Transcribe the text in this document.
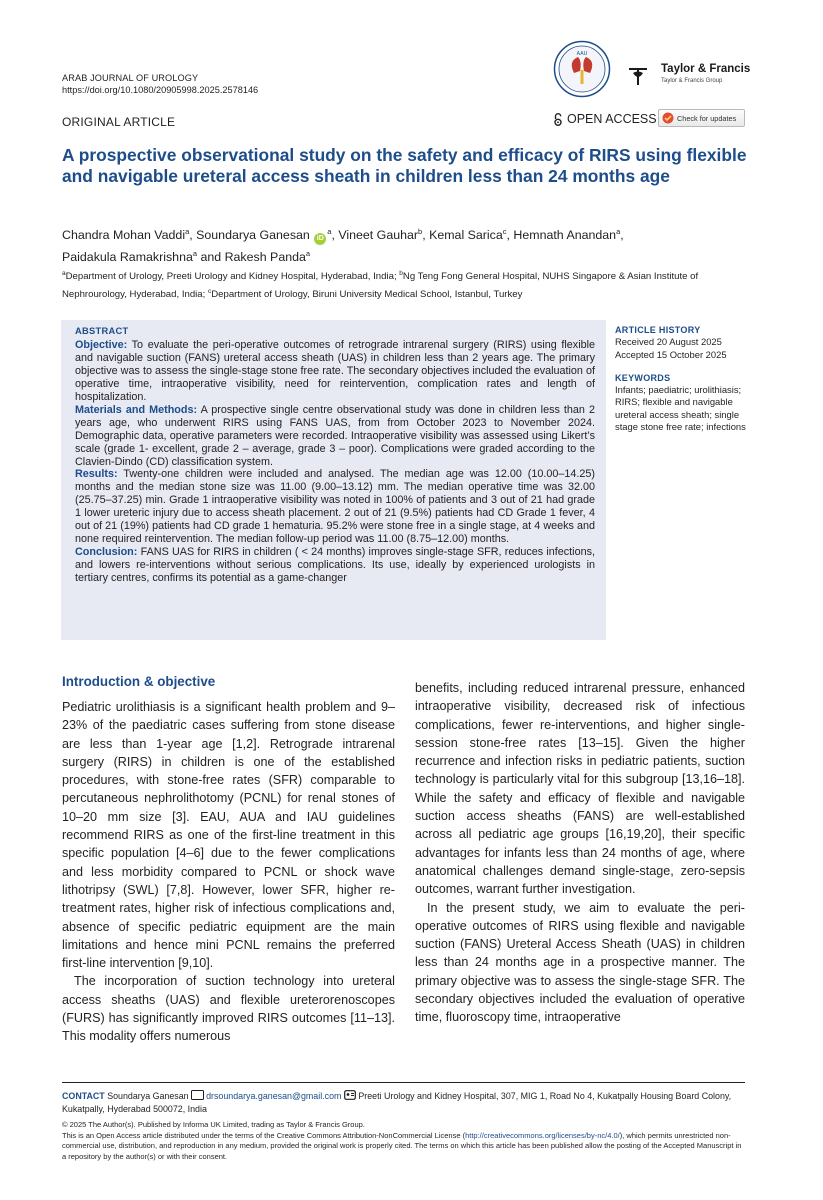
ARAB JOURNAL OF UROLOGY
https://doi.org/10.1080/20905998.2025.2578146
AAU
Taylor & Francis
Taylor & Francis Group
ORIGINAL ARTICLE	OPEN ACCESS	Check for updates
A prospective observational study on the safety and efficacy of RIRS using flexible and navigable ureteral access sheath in children less than 24 months age
Chandra Mohan Vaddi$^a$, Soundarya Ganesan $iD^a$, Vineet Gauhar$^b$, Kemal Sarica$^c$, Hemnath Anandan$^a$,
Paidakula Ramakrishna$^a$ and Rakesh Panda$^a$
$^a$Department of Urology, Preeti Urology and Kidney Hospital, Hyderabad, India; $^b$Ng Teng Fong General Hospital, NUHS Singapore & Asian Institute of Nephrourology, Hyderabad, India; $^c$Department of Urology, Biruni University Medical School, Istanbul, Turkey
ABSTRACT

Objective: To evaluate the peri-operative outcomes of retrograde intrarenal surgery (RIRS) using flexible and navigable suction (FANS) ureteral access sheath (UAS) in children less than 2 years age. The primary objective was to assess the single-stage stone free rate. The secondary objectives included the evaluation of operative time, intraoperative visibility, need for reintervention, complication rates and length of hospitalization.

Materials and Methods: A prospective single centre observational study was done in children less than 2 years age, who underwent RIRS using FANS UAS, from from October 2023 to November 2024. Demographic data, operative parameters were recorded. Intraoperative visibility was assessed using Likert’s scale (grade 1- excellent, grade 2 – average, grade 3 – poor). Complications were graded according to the Clavien-Dindo (CD) classification system.

Results: Twenty-one children were included and analysed. The median age was 12.00 (10.00–14.25) months and the median stone size was 11.00 (9.00–13.12) mm. The median operative time was 32.00 (25.75–37.25) min. Grade 1 intraoperative visibility was noted in 100% of patients and 3 out of 21 had grade 1 lower ureteric injury due to access sheath placement. 2 out of 21 (9.5%) patients had CD Grade 1 fever, 4 out of 21 (19%) patients had CD grade 1 hematuria. 95.2% were stone free in a single stage, at 4 weeks and none required reintervention. The median follow-up period was 11.00 (8.75–12.00) months.

Conclusion: FANS UAS for RIRS in children ( < 24 months) improves single-stage SFR, reduces infections, and lowers re-interventions without serious complications. Its use, ideally by experienced urologists in tertiary centres, confirms its potential as a game-changer

ARTICLE HISTORY
Received 20 August 2025
Accepted 15 October 2025
KEYWORDS
Infants; paediatric; urolithiasis; RIRS; flexible and navigable ureteral access sheath; single stage stone free rate; infections
Introduction & objective

Pediatric urolithiasis is a significant health problem and 9–23% of the paediatric cases suffering from stone disease are less than 1-year age [1,2]. Retrograde intrarenal surgery (RIRS) in children is one of the established procedures, with stone-free rates (SFR) comparable to percutaneous nephrolithotomy (PCNL) for renal stones of 10–20 mm size [3]. EAU, AUA and IAU guidelines recommend RIRS as one of the first-line treatment in this specific population [4–6] due to the fewer complications and less morbidity compared to PCNL or shock wave lithotripsy (SWL) [7,8]. However, lower SFR, higher re-treatment rates, higher risk of infectious complications and, absence of specific pediatric equipment are the main limitations and hence mini PCNL remains the preferred first-line intervention [9,10].

The incorporation of suction technology into ureteral access sheaths (UAS) and flexible ureterorenoscopes (FURS) has significantly improved RIRS outcomes [11–13]. This modality offers numerous

benefits, including reduced intrarenal pressure, enhanced intraoperative visibility, decreased risk of infectious complications, fewer re-interventions, and higher single-session stone-free rates [13–15]. Given the higher recurrence and infection risks in pediatric patients, suction technology is particularly vital for this subgroup [13,16–18]. While the safety and efficacy of flexible and navigable suction access sheaths (FANS) are well-established across all pediatric age groups [16,19,20], their specific advantages for infants less than 24 months of age, where anatomical challenges demand single-stage, zero-sepsis outcomes, warrant further investigation.

In the present study, we aim to evaluate the perioperative outcomes of RIRS using flexible and navigable suction (FANS) Ureteral Access Sheath (UAS) in children less than 24 months age in a prospective manner. The primary objective was to assess the single-stage SFR. The secondary objectives included the evaluation of operative time, fluoroscopy time, intraoperative

CONTACT Soundarya Ganesan drsoundarya.ganesan@gmail.com Preeti Urology and Kidney Hospital, 307, MIG 1, Road No 4, Kukatpally Housing Board Colony, Kukatpally, Hyderabad 500072, India
© 2025 The Author(s). Published by Informa UK Limited, trading as Taylor & Francis Group.
This is an Open Access article distributed under the terms of the Creative Commons Attribution-NonCommercial License (http://creativecommons.org/licenses/by-nc/4.0/), which permits unrestricted non-commercial use, distribution, and reproduction in any medium, provided the original work is properly cited. The terms on which this article has been published allow the posting of the Accepted Manuscript in a repository by the author(s) or with their consent.
